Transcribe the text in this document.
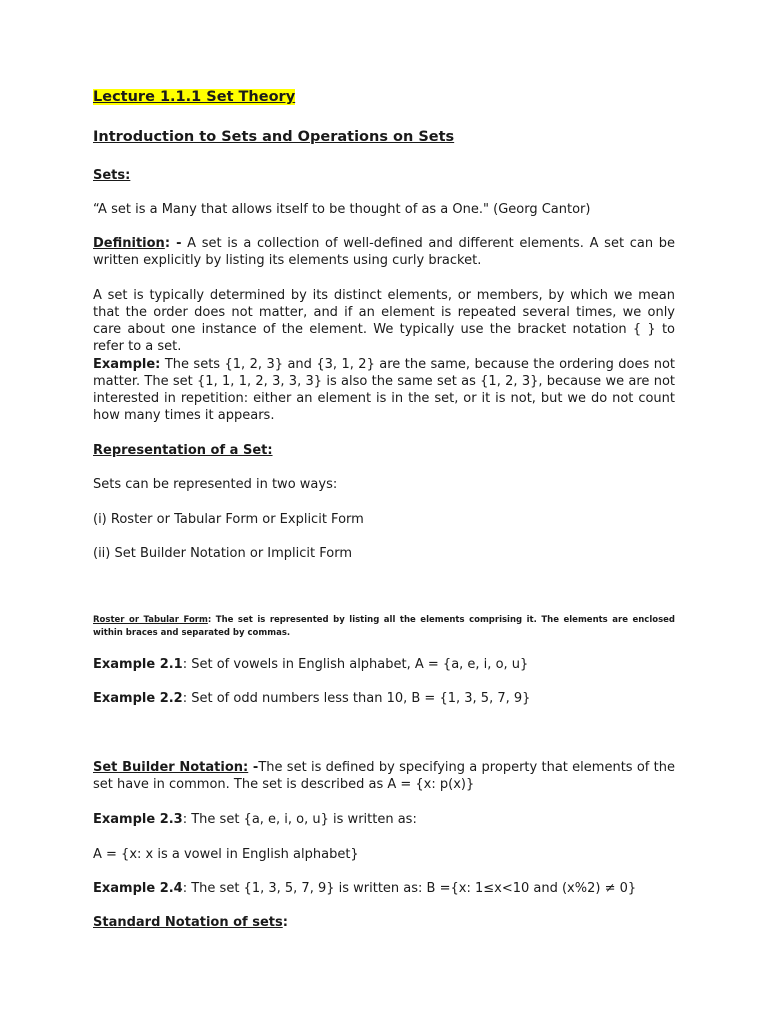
Lecture 1.1.1 Set Theory

Introduction to Sets and Operations on Sets

Sets:

“A set is a Many that allows itself to be thought of as a One." (Georg Cantor)

Definition: - A set is a collection of well-defined and different elements. A set can be written explicitly by listing its elements using curly bracket.

A set is typically determined by its distinct elements, or members, by which we mean that the order does not matter, and if an element is repeated several times, we only care about one instance of the element. We typically use the bracket notation { } to refer to a set.

Example: The sets {1, 2, 3} and {3, 1, 2} are the same, because the ordering does not matter. The set {1, 1, 1, 2, 3, 3, 3} is also the same set as {1, 2, 3}, because we are not interested in repetition: either an element is in the set, or it is not, but we do not count how many times it appears.

Representation of a Set:

Sets can be represented in two ways:

(i) Roster or Tabular Form or Explicit Form

(ii) Set Builder Notation or Implicit Form

Roster or Tabular Form: The set is represented by listing all the elements comprising it. The elements are enclosed within braces and separated by commas.

Example 2.1: Set of vowels in English alphabet, A = {a, e, i, o, u}

Example 2.2: Set of odd numbers less than 10, B = {1, 3, 5, 7, 9}

Set Builder Notation: -The set is defined by specifying a property that elements of the set have in common. The set is described as A = {x: p(x)}

Example 2.3: The set {a, e, i, o, u} is written as:

A = {x: x is a vowel in English alphabet}

Example 2.4: The set {1, 3, 5, 7, 9} is written as: B ={x: 1≤x<10 and (x%2) ≠ 0}

Standard Notation of sets:
